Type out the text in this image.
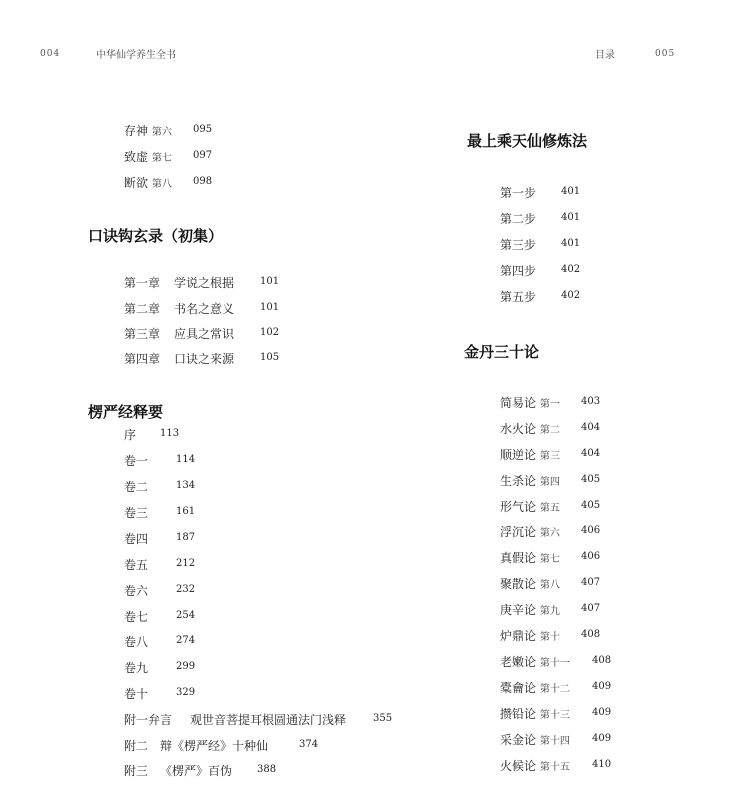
004	中华仙学养生全书	目录	005
存神 第六 095
致虚 第七 097
断欲 第八 098
口诀钩玄录（初集）
第一章 学说之根据	101
第二章 书名之意义	101
第三章 应具之常识	102
第四章 口诀之来源	105
楞严经释要
序 113
卷一	114
卷二	134
卷三	161
卷四	187
卷五	212
卷六	232
卷七	254
卷八	274
卷九	299
卷十	329
附一弁言 观世音菩提耳根圆通法门浅释	355
附二 辩《楞严经》十种仙	374
附三 《楞严》百伪 388
最上乘天仙修炼法
第一步 401
第二步 401
第三步 401
第四步 402
第五步 402
金丹三十论
简易论 第一 403
水火论 第二 404
顺逆论 第三 404
生杀论 第四 405
形气论 第五 405
浮沉论 第六 406
真假论 第七 406
聚散论 第八 407
庚辛论 第九 407
炉鼎论 第十 408
老嫩论 第十一 408
橐龠论 第十二 409
攒铅论 第十三 409
采金论 第十四 409
火候论 第十五 410
